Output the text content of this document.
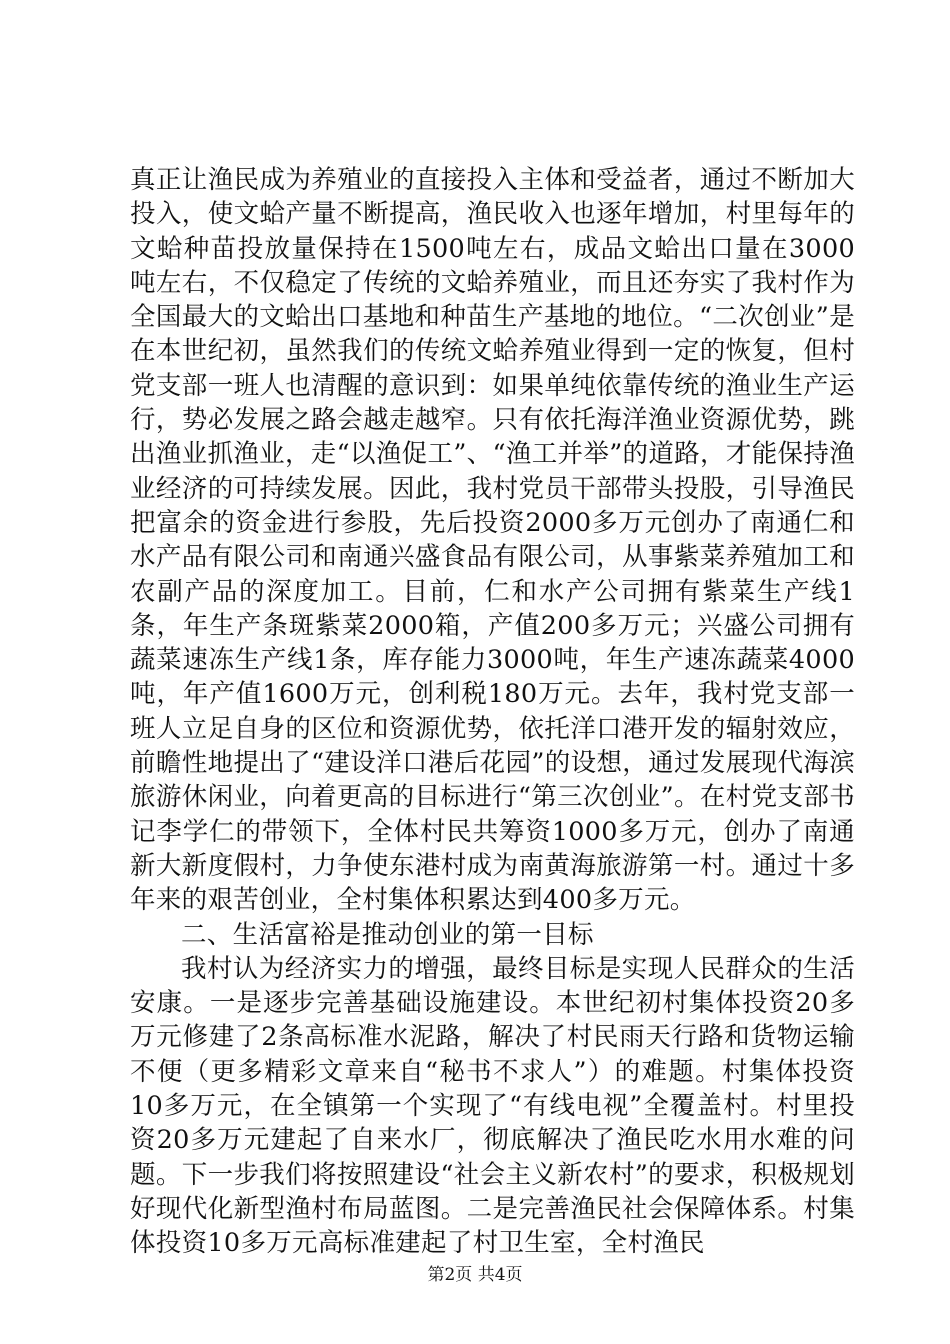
真正让渔民成为养殖业的直接投入主体和受益者，通过不断加大投入，使文蛤产量不断提高，渔民收入也逐年增加，村里每年的文蛤种苗投放量保持在1500吨左右，成品文蛤出口量在3000吨左右，不仅稳定了传统的文蛤养殖业，而且还夯实了我村作为全国最大的文蛤出口基地和种苗生产基地的地位。“二次创业”是在本世纪初，虽然我们的传统文蛤养殖业得到一定的恢复，但村党支部一班人也清醒的意识到：如果单纯依靠传统的渔业生产运行，势必发展之路会越走越窄。只有依托海洋渔业资源优势，跳出渔业抓渔业，走“以渔促工”、“渔工并举”的道路，才能保持渔业经济的可持续发展。因此，我村党员干部带头投股，引导渔民把富余的资金进行参股，先后投资2000多万元创办了南通仁和水产品有限公司和南通兴盛食品有限公司，从事紫菜养殖加工和农副产品的深度加工。目前，仁和水产公司拥有紫菜生产线1条，年生产条斑紫菜2000箱，产值200多万元；兴盛公司拥有蔬菜速冻生产线1条，库存能力3000吨，年生产速冻蔬菜4000吨，年产值1600万元，创利税180万元。去年，我村党支部一班人立足自身的区位和资源优势，依托洋口港开发的辐射效应，前瞻性地提出了“建设洋口港后花园”的设想，通过发展现代海滨旅游休闲业，向着更高的目标进行“第三次创业”。在村党支部书记李学仁的带领下，全体村民共筹资1000多万元，创办了南通新大新度假村，力争使东港村成为南黄海旅游第一村。通过十多年来的艰苦创业，全村集体积累达到400多万元。

二、生活富裕是推动创业的第一目标

我村认为经济实力的增强，最终目标是实现人民群众的生活安康。一是逐步完善基础设施建设。本世纪初村集体投资20多万元修建了2条高标准水泥路，解决了村民雨天行路和货物运输不便（更多精彩文章来自“秘书不求人”）的难题。村集体投资10多万元，在全镇第一个实现了“有线电视”全覆盖村。村里投资20多万元建起了自来水厂，彻底解决了渔民吃水用水难的问题。下一步我们将按照建设“社会主义新农村”的要求，积极规划好现代化新型渔村布局蓝图。二是完善渔民社会保障体系。村集体投资10多万元高标准建起了村卫生室，全村渔民

第2页 共4页
